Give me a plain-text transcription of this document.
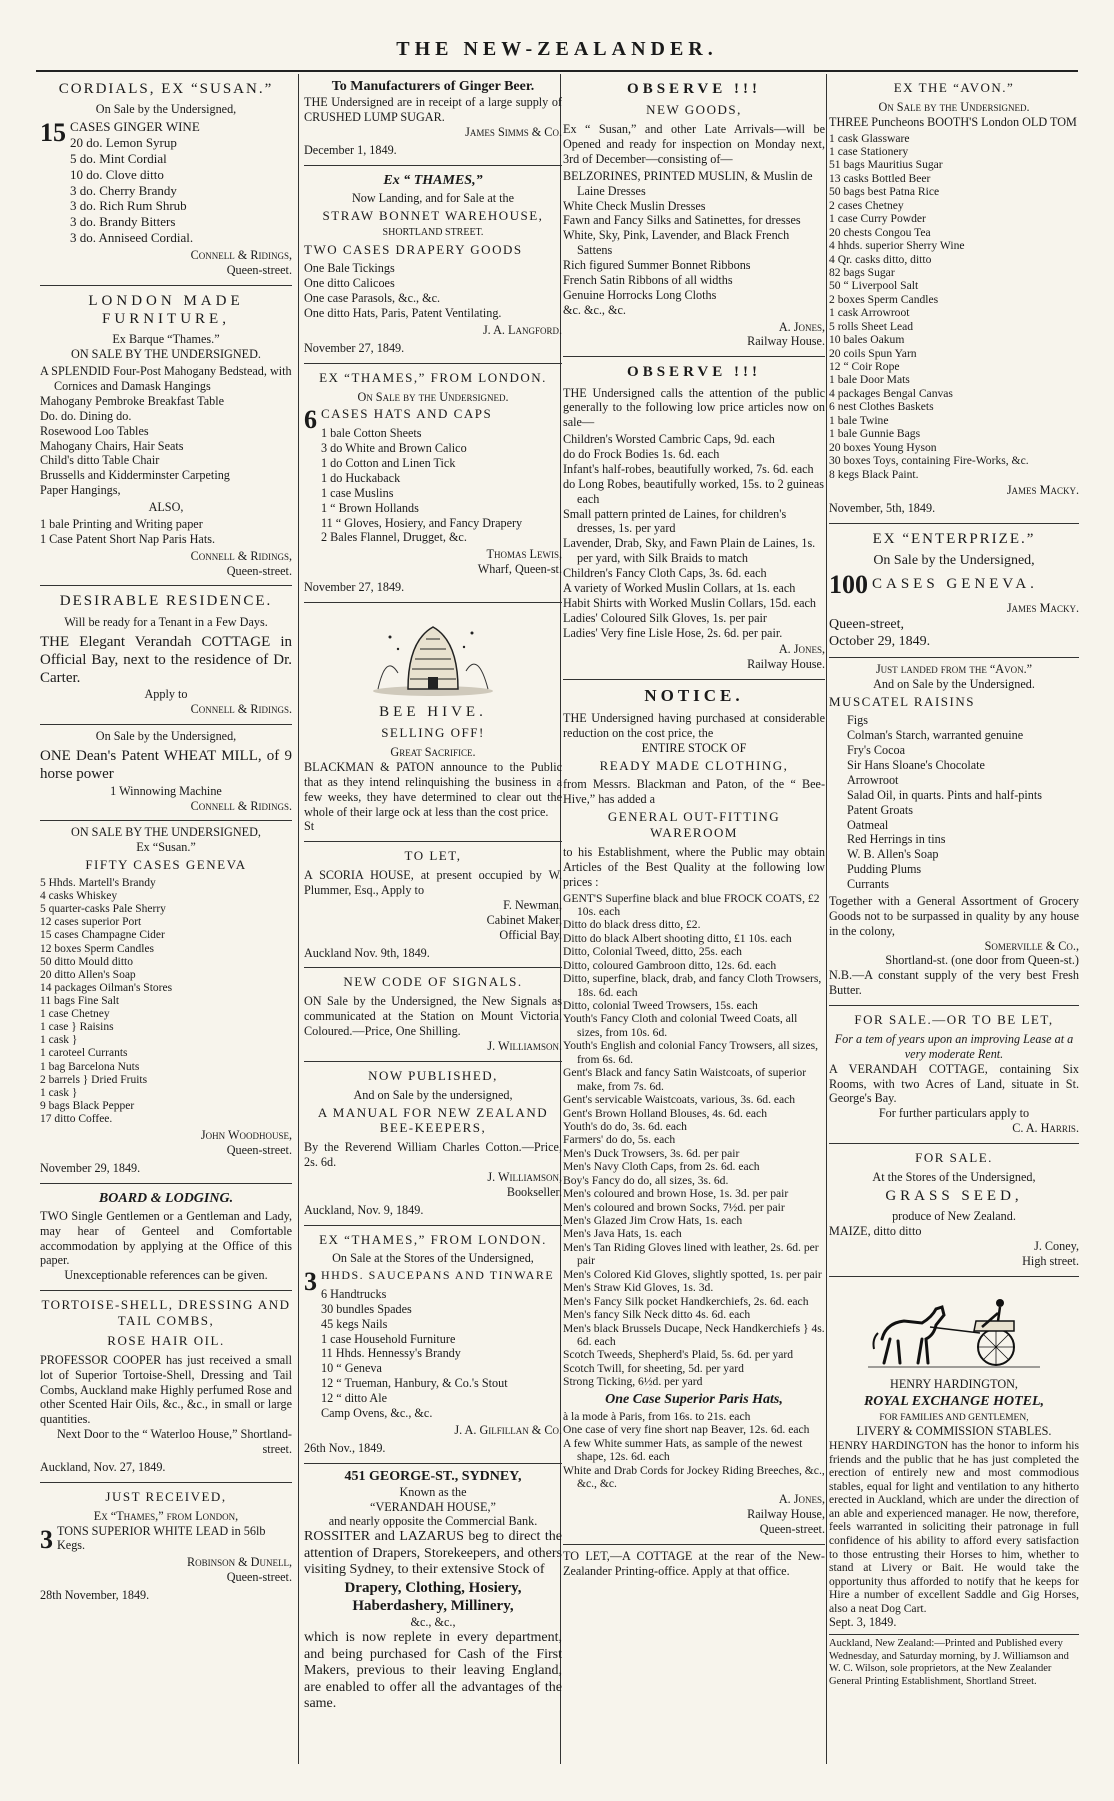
THE NEW-ZEALANDER.
CORDIALS, EX “SUSAN.”
On Sale by the Undersigned,
15 CASES GINGER WINE
20 do. Lemon Syrup
5 do. Mint Cordial
10 do. Clove ditto
3 do. Cherry Brandy
3 do. Rich Rum Shrub
3 do. Brandy Bitters
3 do. Anniseed Cordial.
Connell & Ridings,
Queen-street.
LONDON MADE FURNITURE,
Ex Barque “Thames.”
ON SALE BY THE UNDERSIGNED.
A SPLENDID Four-Post Mahogany Bedstead, with Cornices and Damask Hangings
Mahogany Pembroke Breakfast Table
Do. do. Dining do.
Rosewood Loo Tables
Mahogany Chairs, Hair Seats
Child's ditto Table Chair
Brussells and Kidderminster Carpeting
Paper Hangings,
ALSO,
1 bale Printing and Writing paper
1 Case Patent Short Nap Paris Hats.
Connell & Ridings,
Queen-street.
DESIRABLE RESIDENCE.
Will be ready for a Tenant in a Few Days.
THE Elegant Verandah COTTAGE in Official Bay, next to the residence of Dr. Carter.
Apply to
Connell & Ridings.
On Sale by the Undersigned,
ONE Dean's Patent WHEAT MILL, of 9 horse power
1 Winnowing Machine
Connell & Ridings.
ON SALE BY THE UNDERSIGNED,
Ex “Susan.”
FIFTY CASES GENEVA
5 Hhds. Martell's Brandy
4 casks Whiskey
5 quarter-casks Pale Sherry
12 cases superior Port
15 cases Champagne Cider
12 boxes Sperm Candles
50 ditto Mould ditto
20 ditto Allen's Soap
14 packages Oilman's Stores
11 bags Fine Salt
1 case Chetney
1 case } Raisins
1 cask }
1 caroteel Currants
1 bag Barcelona Nuts
2 barrels } Dried Fruits
1 cask }
9 bags Black Pepper
17 ditto Coffee.
John Woodhouse,
Queen-street.
November 29, 1849.
BOARD & LODGING.
TWO Single Gentlemen or a Gentleman and Lady, may hear of Genteel and Comfortable accommodation by applying at the Office of this paper.
Unexceptionable references can be given.
TORTOISE-SHELL, DRESSING AND TAIL COMBS,
ROSE HAIR OIL.
PROFESSOR COOPER has just received a small lot of Superior Tortoise-Shell, Dressing and Tail Combs, Auckland make Highly perfumed Rose and other Scented Hair Oils, &c., &c., in small or large quantities.
Next Door to the “ Waterloo House,” Shortland-street.
Auckland, Nov. 27, 1849.
JUST RECEIVED,
Ex “Thames,” from London,
3 TONS SUPERIOR WHITE LEAD in 56lb Kegs.
Robinson & Dunell,
Queen-street.
28th November, 1849.
To Manufacturers of Ginger Beer.
THE Undersigned are in receipt of a large supply of CRUSHED LUMP SUGAR.
James Simms & Co.
December 1, 1849.
Ex “ THAMES,”
Now Landing, and for Sale at the
STRAW BONNET WAREHOUSE,
SHORTLAND STREET.
TWO CASES DRAPERY GOODS
One Bale Tickings
One ditto Calicoes
One case Parasols, &c., &c.
One ditto Hats, Paris, Patent Ventilating.
J. A. Langford.
November 27, 1849.
EX “THAMES,” FROM LONDON.
On Sale by the Undersigned.
6 CASES HATS AND CAPS
1 bale Cotton Sheets
3 do White and Brown Calico
1 do Cotton and Linen Tick
1 do Huckaback
1 case Muslins
1 “ Brown Hollands
11 “ Gloves, Hosiery, and Fancy Drapery
2 Bales Flannel, Drugget, &c.
Thomas Lewis,
Wharf, Queen-st.
November 27, 1849.
BEE HIVE.
SELLING OFF!
Great Sacrifice.
BLACKMAN & PATON announce to the Public that as they intend relinquishing the business in a few weeks, they have determined to clear out the whole of their large ock at less than the cost price.
St
TO LET,
A SCORIA HOUSE, at present occupied by W. Plummer, Esq., Apply to
F. Newman,
Cabinet Maker,
Official Bay.
Auckland Nov. 9th, 1849.
NEW CODE OF SIGNALS.
ON Sale by the Undersigned, the New Signals as communicated at the Station on Mount Victoria. Coloured.—Price, One Shilling.
J. Williamson.
NOW PUBLISHED,
And on Sale by the undersigned,
A MANUAL FOR NEW ZEALAND BEE-KEEPERS,
By the Reverend William Charles Cotton.—Price, 2s. 6d.
J. Williamson,
Bookseller.
Auckland, Nov. 9, 1849.
EX “THAMES,” FROM LONDON.
On Sale at the Stores of the Undersigned,
3 HHDS. SAUCEPANS AND TINWARE
6 Handtrucks
30 bundles Spades
45 kegs Nails
1 case Household Furniture
11 Hhds. Hennessy's Brandy
10 “ Geneva
12 “ Trueman, Hanbury, & Co.'s Stout
12 “ ditto Ale
Camp Ovens, &c., &c.
J. A. Gilfillan & Co.
26th Nov., 1849.
451 GEORGE-ST., SYDNEY,
Known as the
“VERANDAH HOUSE,”
and nearly opposite the Commercial Bank.
ROSSITER and LAZARUS beg to direct the attention of Drapers, Storekeepers, and others visiting Sydney, to their extensive Stock of
Drapery, Clothing, Hosiery, Haberdashery, Millinery,
&c., &c.,
which is now replete in every department, and being purchased for Cash of the First Makers, previous to their leaving England, are enabled to offer all the advantages of the same.
OBSERVE !!!
NEW GOODS,
Ex “ Susan,” and other Late Arrivals—will be Opened and ready for inspection on Monday next, 3rd of December—consisting of—
BELZORINES, PRINTED MUSLIN, & Muslin de Laine Dresses
White Check Muslin Dresses
Fawn and Fancy Silks and Satinettes, for dresses
White, Sky, Pink, Lavender, and Black French Sattens
Rich figured Summer Bonnet Ribbons
French Satin Ribbons of all widths
Genuine Horrocks Long Cloths
&c. &c., &c.
A. Jones,
Railway House.
OBSERVE !!!
THE Undersigned calls the attention of the public generally to the following low price articles now on sale—
Children's Worsted Cambric Caps, 9d. each
do do Frock Bodies 1s. 6d. each
Infant's half-robes, beautifully worked, 7s. 6d. each
do Long Robes, beautifully worked, 15s. to 2 guineas each
Small pattern printed de Laines, for children's dresses, 1s. per yard
Lavender, Drab, Sky, and Fawn Plain de Laines, 1s. per yard, with Silk Braids to match
Children's Fancy Cloth Caps, 3s. 6d. each
A variety of Worked Muslin Collars, at 1s. each
Habit Shirts with Worked Muslin Collars, 15d. each
Ladies' Coloured Silk Gloves, 1s. per pair
Ladies' Very fine Lisle Hose, 2s. 6d. per pair.
A. Jones,
Railway House.
NOTICE.
THE Undersigned having purchased at considerable reduction on the cost price, the
ENTIRE STOCK OF
READY MADE CLOTHING,
from Messrs. Blackman and Paton, of the “ Bee-Hive,” has added a
GENERAL OUT-FITTING WAREROOM
to his Establishment, where the Public may obtain Articles of the Best Quality at the following low prices :
GENT'S Superfine black and blue FROCK COATS, £2 10s. each
Ditto do black dress ditto, £2.
Ditto do black Albert shooting ditto, £1 10s. each
Ditto, Colonial Tweed, ditto, 25s. each
Ditto, coloured Gambroon ditto, 12s. 6d. each
Ditto, superfine, black, drab, and fancy Cloth Trowsers, 18s. 6d. each
Ditto, colonial Tweed Trowsers, 15s. each
Youth's Fancy Cloth and colonial Tweed Coats, all sizes, from 10s. 6d.
Youth's English and colonial Fancy Trowsers, all sizes, from 6s. 6d.
Gent's Black and fancy Satin Waistcoats, of superior make, from 7s. 6d.
Gent's servicable Waistcoats, various, 3s. 6d. each
Gent's Brown Holland Blouses, 4s. 6d. each
Youth's do do, 3s. 6d. each
Farmers' do do, 5s. each
Men's Duck Trowsers, 3s. 6d. per pair
Men's Navy Cloth Caps, from 2s. 6d. each
Boy's Fancy do do, all sizes, 3s. 6d.
Men's coloured and brown Hose, 1s. 3d. per pair
Men's coloured and brown Socks, 7½d. per pair
Men's Glazed Jim Crow Hats, 1s. each
Men's Java Hats, 1s. each
Men's Tan Riding Gloves lined with leather, 2s. 6d. per pair
Men's Colored Kid Gloves, slightly spotted, 1s. per pair
Men's Straw Kid Gloves, 1s. 3d.
Men's Fancy Silk pocket Handkerchiefs, 2s. 6d. each
Men's fancy Silk Neck ditto 4s. 6d. each
Men's black Brussels Ducape, Neck Handkerchiefs } 4s. 6d. each
Scotch Tweeds, Shepherd's Plaid, 5s. 6d. per yard
Scotch Twill, for sheeting, 5d. per yard
Strong Ticking, 6½d. per yard
One Case Superior Paris Hats,
à la mode à Paris, from 16s. to 21s. each
One case of very fine short nap Beaver, 12s. 6d. each
A few White summer Hats, as sample of the newest shape, 12s. 6d. each
White and Drab Cords for Jockey Riding Breeches, &c., &c., &c.
A. Jones,
Railway House,
Queen-street.
TO LET,—A COTTAGE at the rear of the New-Zealander Printing-office. Apply at that office.
EX THE “AVON.”
On Sale by the Undersigned.
THREE Puncheons BOOTH'S London OLD TOM
1 cask Glassware
1 case Stationery
51 bags Mauritius Sugar
13 casks Bottled Beer
50 bags best Patna Rice
2 cases Chetney
1 case Curry Powder
20 chests Congou Tea
4 hhds. superior Sherry Wine
4 Qr. casks ditto, ditto
82 bags Sugar
50 “ Liverpool Salt
2 boxes Sperm Candles
1 cask Arrowroot
5 rolls Sheet Lead
10 bales Oakum
20 coils Spun Yarn
12 “ Coir Rope
1 bale Door Mats
4 packages Bengal Canvas
6 nest Clothes Baskets
1 bale Twine
1 bale Gunnie Bags
20 boxes Young Hyson
30 boxes Toys, containing Fire-Works, &c.
8 kegs Black Paint.
James Macky.
November, 5th, 1849.
EX “ENTERPRIZE.”
On Sale by the Undersigned,
100 CASES GENEVA.
James Macky.
Queen-street,
October 29, 1849.
Just landed from the “Avon.”
And on Sale by the Undersigned.
MUSCATEL RAISINS
Figs
Colman's Starch, warranted genuine
Fry's Cocoa
Sir Hans Sloane's Chocolate
Arrowroot
Salad Oil, in quarts. Pints and half-pints
Patent Groats
Oatmeal
Red Herrings in tins
W. B. Allen's Soap
Pudding Plums
Currants
Together with a General Assortment of Grocery Goods not to be surpassed in quality by any house in the colony,
Somerville & Co.,
Shortland-st. (one door from Queen-st.)
N.B.—A constant supply of the very best Fresh Butter.
FOR SALE.—OR TO BE LET,
For a tem of years upon an improving Lease at a very moderate Rent.
A VERANDAH COTTAGE, containing Six Rooms, with two Acres of Land, situate in St. George's Bay.
For further particulars apply to
C. A. Harris.
FOR SALE.
At the Stores of the Undersigned,
GRASS SEED,
produce of New Zealand.
MAIZE, ditto ditto
J. Coney,
High street.
HENRY HARDINGTON,
ROYAL EXCHANGE HOTEL,
FOR FAMILIES AND GENTLEMEN,
LIVERY & COMMISSION STABLES.
HENRY HARDINGTON has the honor to inform his friends and the public that he has just completed the erection of entirely new and most commodious stables, equal for light and ventilation to any hitherto erected in Auckland, which are under the direction of an able and experienced manager. He now, therefore, feels warranted in soliciting their patronage in full confidence of his ability to afford every satisfaction to those entrusting their Horses to him, whether to stand at Livery or Bait. He would take the opportunity thus afforded to notify that he keeps for Hire a number of excellent Saddle and Gig Horses, also a neat Dog Cart.
Sept. 3, 1849.
Auckland, New Zealand:—Printed and Published every Wednesday, and Saturday morning, by J. Williamson and W. C. Wilson, sole proprietors, at the New Zealander General Printing Establishment, Shortland Street.
